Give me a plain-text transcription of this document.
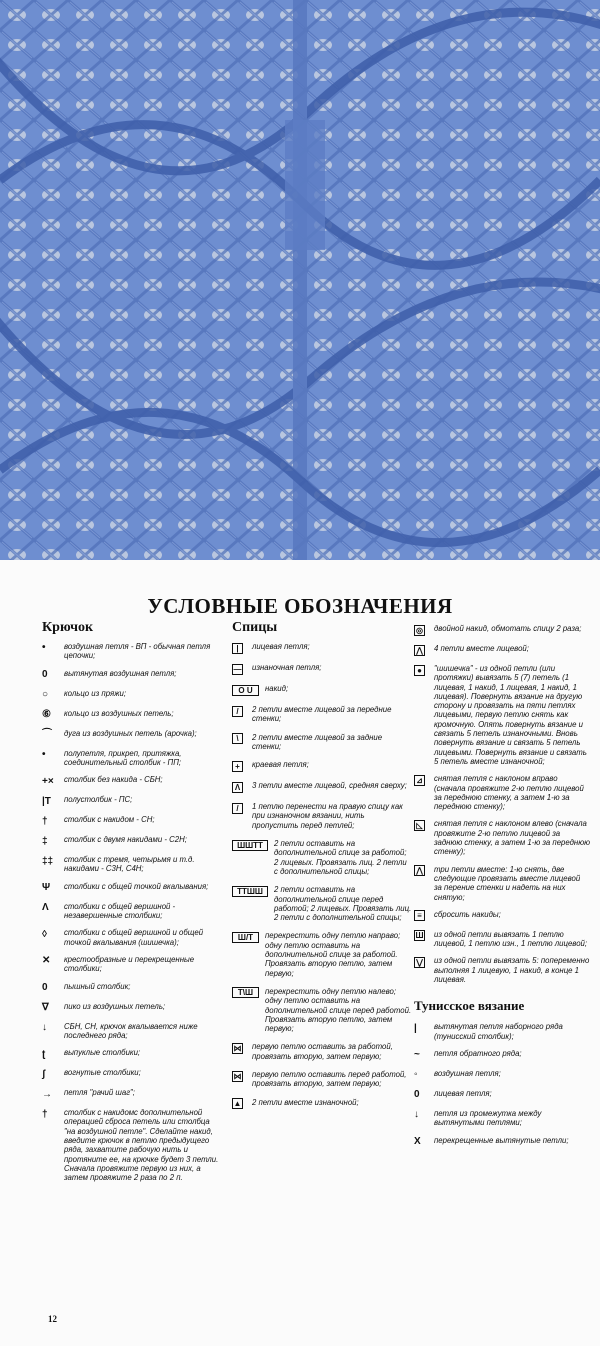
УСЛОВНЫЕ ОБОЗНАЧЕНИЯ
Крючок
•	воздушная петля - ВП - обычная петля цепочки;
0	вытянутая воздушная петля;
○	кольцо из пряжи;
⑥	кольцо из воздушных петель;
⌒	дуга из воздушных петель (арочка);
•	полупетля, прикреп, притяжка, соединительный столбик - ПП;
+×	столбик без накида - СБН;
|T	полустолбик - ПС;
†	столбик с накидом - СН;
‡	столбик с двумя накидами - С2Н;
‡‡	столбик с тремя, четырьмя и т.д. накидами - С3Н, С4Н;
Ψ	столбики с общей точкой вкалывания;
Λ	столбики с общей вершиной - незавершенные столбики;
◊	столбики с общей вершиной и общей точкой вкалывания (шишечка);
✕	крестообразные и перекрещенные столбики;
0	пышный столбик;
∇	пико из воздушных петель;
↓	СБН, СН, крючок вкалывается ниже последнего ряда;
ʈ	выпуклые столбики;
ʃ	вогнутые столбики;
→	петля "рачий шаг";
†	столбик с накидомс дополнительной операцией сброса петель или столбца "на воздушной петле". Сделайте накид, введите крючок в петлю предыдущего ряда, захватите рабочую нить и протяните ее, на крючке будет 3 петли. Сначала провяжите первую из них, а затем провяжите 2 раза по 2 п.
Спицы
|	лицевая петля;
— изнаночная петля;
O U	накид;
/	2 петли вместе лицевой за передние стенки;
\	2 петли вместе лицевой за задние стенки;
+	краевая петля;
Λ	3 петли вместе лицевой, средняя сверху;
/	1 петлю перенести на правую спицу как при изнаночном вязании, нить пропустить перед петлей;
ШШТТ	2 петли оставить на дополнительной спице за работой; 2 лицевых. Провязать лиц. 2 петли с дополнительной спицы;
ТТШШ	2 петли оставить на дополнительной спице перед работой; 2 лицевых. Провязать лиц. 2 петли с дополнительной спицы;
Ш/Т	перекрестить одну петлю направо; одну петлю оставить на дополнительной спице за работой. Провязать вторую петлю, затем первую;
Т\Ш	перекрестить одну петлю налево; одну петлю оставить на дополнительной спице перед работой. Провязать вторую петлю, затем первую;
⋈ первую петлю оставить за работой, провязать вторую, затем первую;
⋈ первую петлю оставить перед работой, провязать вторую, затем первую;
▲ 2 петли вместе изнаночной;
◎ двойной накид, обмотать спицу 2 раза;
⋀ 4 петли вместе лицевой;
●	"шишечка" - из одной петли (или протяжки) вывязать 5 (7) петель (1 лицевая, 1 накид, 1 лицевая, 1 накид, 1 лицевая). Повернуть вязание на другую сторону и провязать на пяти петлях лицевыми, первую петлю снять как кромочную. Опять повернуть вязание и связать 5 петель изнаночными. Вновь повернуть вязание и связать 5 петель лицевыми. Повернуть вязание и связать 5 петель вместе изнаночной;
⊿ снятая петля с наклоном вправо (сначала провяжите 2-ю петлю лицевой за переднюю стенку, а затем 1-ю за переднюю стенку);
◺	снятая петля с наклоном влево (сначала провяжите 2-ю петлю лицевой за заднюю стенку, а затем 1-ю за переднюю стенку);
⋀ три петли вместе: 1-ю снять, две следующие провязать вместе лицевой за перение стенки и надеть на них снятую;
≡	сбросить накиды;
Ш из одной петли вывязать 1 петлю лицевой, 1 петлю изн., 1 петлю лицевой;
⋁ из одной петли вывязать 5: попеременно выполняя 1 лицевую, 1 накид, в конце 1 лицевая.
Тунисское вязание
|	вытянутая петля наборного ряда (тунисский столбик);
~	петля обратного ряда;
◦	воздушная петля;
0	лицевая петля;
↓	петля из промежутка между вытянутыми петлями;
X	перекрещенные вытянутые петли;
12
